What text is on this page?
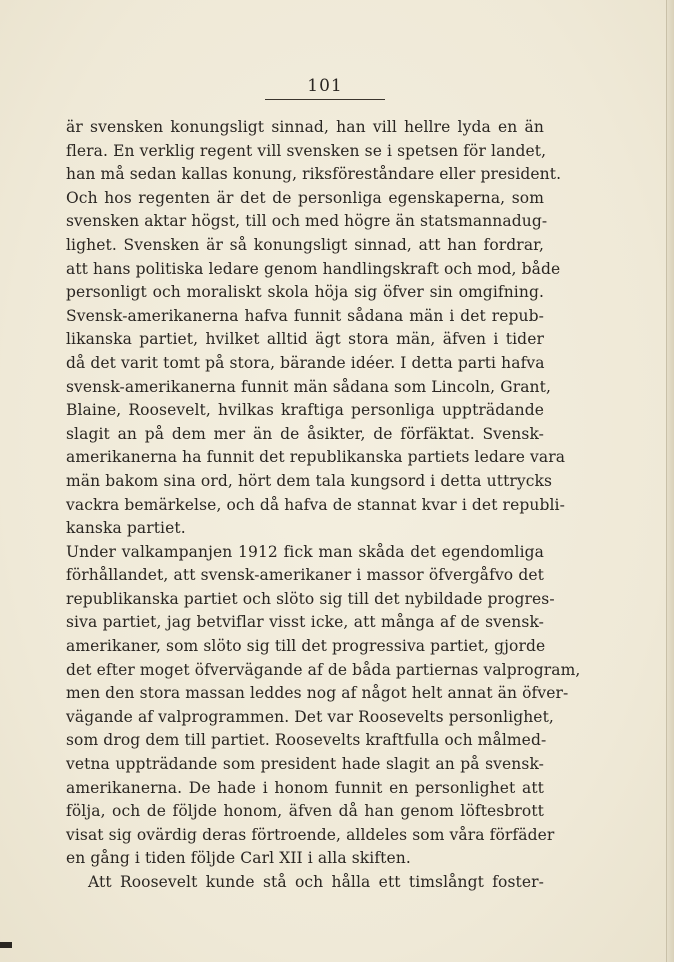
101
är svensken konungsligt sinnad, han vill hellre lyda en än
flera. En verklig regent vill svensken se i spetsen för landet,
han må sedan kallas konung, riksföreståndare eller president.
Och hos regenten är det de personliga egenskaperna, som
svensken aktar högst, till och med högre än statsmannadug-
lighet. Svensken är så konungsligt sinnad, att han fordrar,
att hans politiska ledare genom handlingskraft och mod, både
personligt och moraliskt skola höja sig öfver sin omgifning.
Svensk-amerikanerna hafva funnit sådana män i det repub-
likanska partiet, hvilket alltid ägt stora män, äfven i tider
då det varit tomt på stora, bärande idéer. I detta parti hafva
svensk-amerikanerna funnit män sådana som Lincoln, Grant,
Blaine, Roosevelt, hvilkas kraftiga personliga uppträdande
slagit an på dem mer än de åsikter, de förfäktat. Svensk-
amerikanerna ha funnit det republikanska partiets ledare vara
män bakom sina ord, hört dem tala kungsord i detta uttrycks
vackra bemärkelse, och då hafva de stannat kvar i det republi-
kanska partiet.
Under valkampanjen 1912 fick man skåda det egendomliga
förhållandet, att svensk-amerikaner i massor öfvergåfvo det
republikanska partiet och slöto sig till det nybildade progres-
siva partiet, jag betviflar visst icke, att många af de svensk-
amerikaner, som slöto sig till det progressiva partiet, gjorde
det efter moget öfvervägande af de båda partiernas valprogram,
men den stora massan leddes nog af något helt annat än öfver-
vägande af valprogrammen. Det var Roosevelts personlighet,
som drog dem till partiet. Roosevelts kraftfulla och målmed-
vetna uppträdande som president hade slagit an på svensk-
amerikanerna. De hade i honom funnit en personlighet att
följa, och de följde honom, äfven då han genom löftesbrott
visat sig ovärdig deras förtroende, alldeles som våra förfäder
en gång i tiden följde Carl XII i alla skiften.
Att Roosevelt kunde stå och hålla ett timslångt foster-
